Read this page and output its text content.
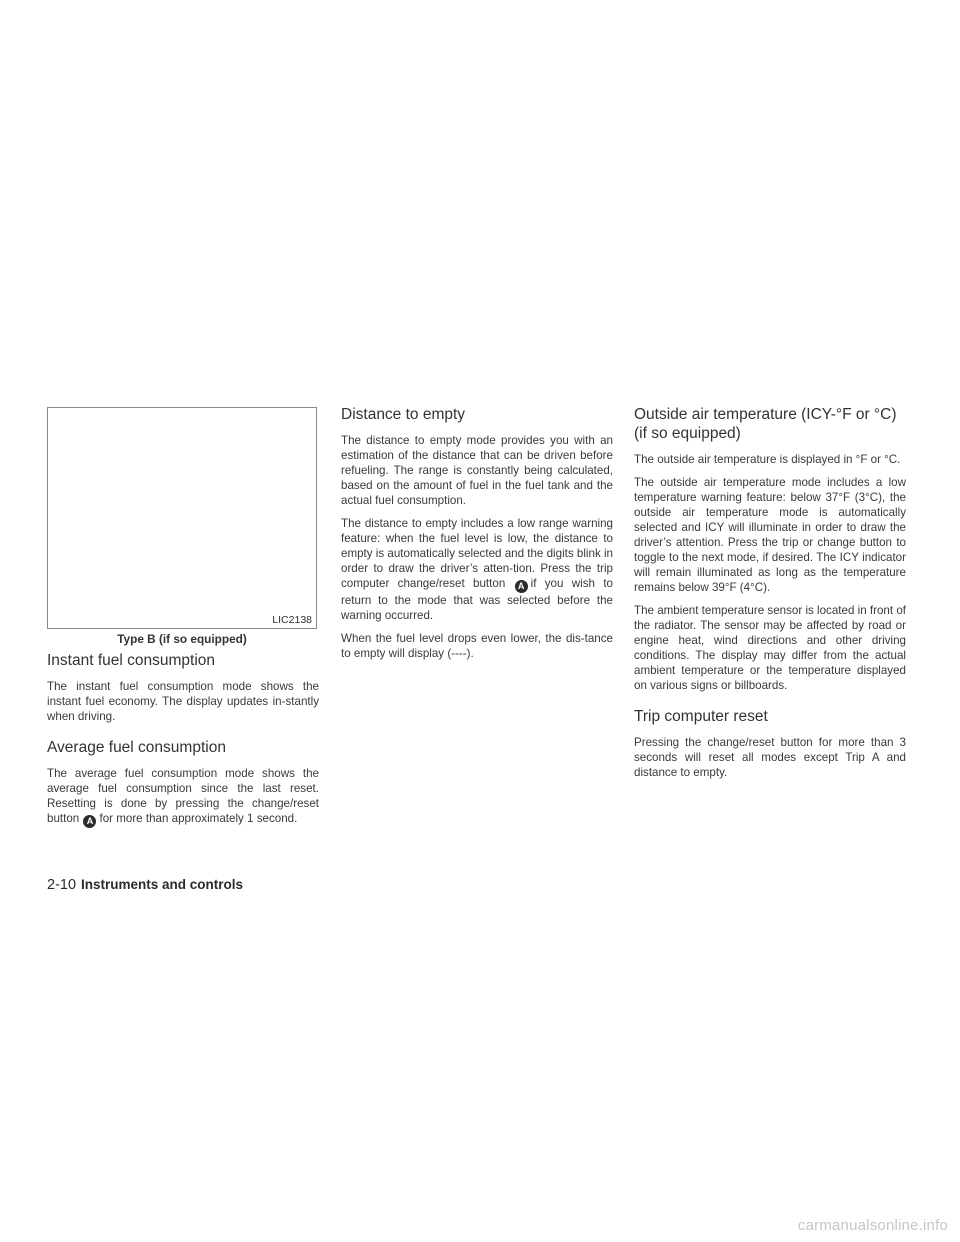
LIC2138
Type B (if so equipped)
Instant fuel consumption

The instant fuel consumption mode shows the instant fuel economy. The display updates in-stantly when driving.

Average fuel consumption

The average fuel consumption mode shows the average fuel consumption since the last reset. Resetting is done by pressing the change/reset button A for more than approximately 1 second.

Distance to empty

The distance to empty mode provides you with an estimation of the distance that can be driven before refueling. The range is constantly being calculated, based on the amount of fuel in the fuel tank and the actual fuel consumption.

The distance to empty includes a low range warning feature: when the fuel level is low, the distance to empty is automatically selected and the digits blink in order to draw the driver’s atten-tion. Press the trip computer change/reset button A if you wish to return to the mode that was selected before the warning occurred.

When the fuel level drops even lower, the dis-tance to empty will display (----).

Outside air temperature (ICY-°F or °C) (if so equipped)

The outside air temperature is displayed in °F or °C.

The outside air temperature mode includes a low temperature warning feature: below 37°F (3°C), the outside air temperature mode is automatically selected and ICY will illuminate in order to draw the driver’s attention. Press the trip or change button to toggle to the next mode, if desired. The ICY indicator will remain illuminated as long as the temperature remains below 39°F (4°C).

The ambient temperature sensor is located in front of the radiator. The sensor may be affected by road or engine heat, wind directions and other driving conditions. The display may differ from the actual ambient temperature or the temperature displayed on various signs or billboards.

Trip computer reset

Pressing the change/reset button for more than 3 seconds will reset all modes except Trip A and distance to empty.

2-10 Instruments and controls
carmanualsonline.info
